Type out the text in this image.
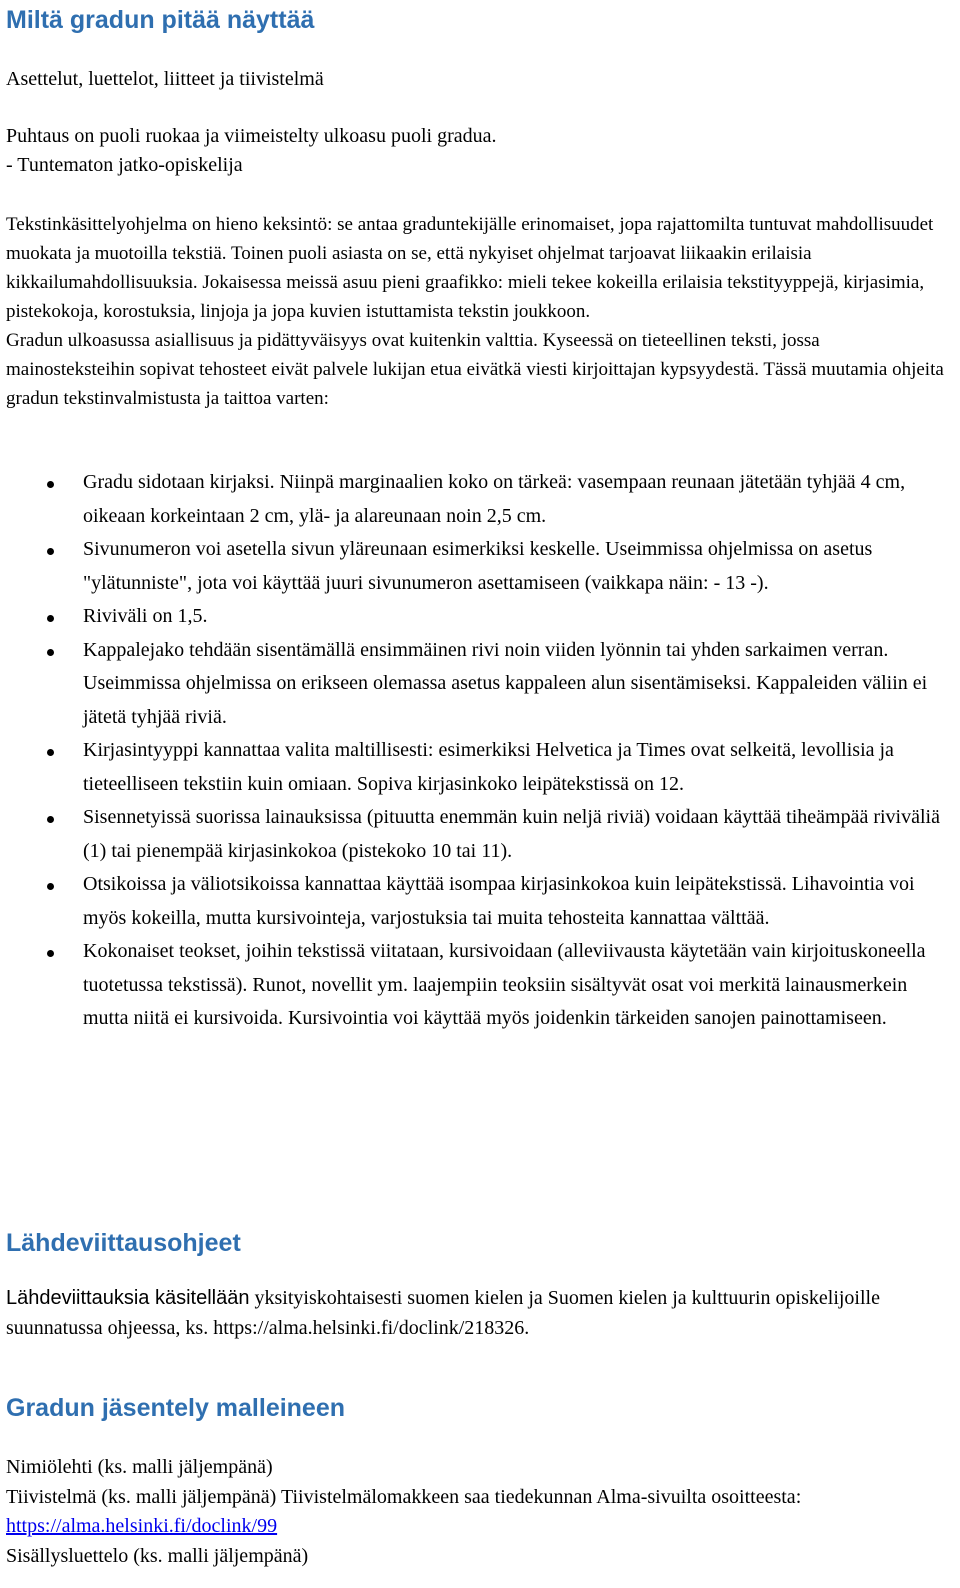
Miltä gradun pitää näyttää

Asettelut, luettelot, liitteet ja tiivistelmä

Puhtaus on puoli ruokaa ja viimeistelty ulkoasu puoli gradua.
- Tuntematon jatko-opiskelija
Tekstinkäsittelyohjelma on hieno keksintö: se antaa graduntekijälle erinomaiset, jopa rajattomilta tuntuvat mahdollisuudet muokata ja muotoilla tekstiä. Toinen puoli asiasta on se, että nykyiset ohjelmat tarjoavat liikaakin erilaisia kikkailumahdollisuuksia. Jokaisessa meissä asuu pieni graafikko: mieli tekee kokeilla erilaisia tekstityyppejä, kirjasimia, pistekokoja, korostuksia, linjoja ja jopa kuvien istuttamista tekstin joukkoon.
Gradun ulkoasussa asiallisuus ja pidättyväisyys ovat kuitenkin valttia. Kyseessä on tieteellinen teksti, jossa mainosteksteihin sopivat tehosteet eivät palvele lukijan etua eivätkä viesti kirjoittajan kypsyydestä. Tässä muutamia ohjeita gradun tekstinvalmistusta ja taittoa varten:
Gradu sidotaan kirjaksi. Niinpä marginaalien koko on tärkeä: vasempaan reunaan jätetään tyhjää 4 cm, oikeaan korkeintaan 2 cm, ylä- ja alareunaan noin 2,5 cm.
Sivunumeron voi asetella sivun yläreunaan esimerkiksi keskelle. Useimmissa ohjelmissa on asetus "ylätunniste", jota voi käyttää juuri sivunumeron asettamiseen (vaikkapa näin: - 13 -).
Riviväli on 1,5.
Kappalejako tehdään sisentämällä ensimmäinen rivi noin viiden lyönnin tai yhden sarkaimen verran. Useimmissa ohjelmissa on erikseen olemassa asetus kappaleen alun sisentämiseksi. Kappaleiden väliin ei jätetä tyhjää riviä.
Kirjasintyyppi kannattaa valita maltillisesti: esimerkiksi Helvetica ja Times ovat selkeitä, levollisia ja tieteelliseen tekstiin kuin omiaan. Sopiva kirjasinkoko leipätekstissä on 12.
Sisennetyissä suorissa lainauksissa (pituutta enemmän kuin neljä riviä) voidaan käyttää tiheämpää riviväliä (1) tai pienempää kirjasinkokoa (pistekoko 10 tai 11).
Otsikoissa ja väliotsikoissa kannattaa käyttää isompaa kirjasinkokoa kuin leipätekstissä. Lihavointia voi myös kokeilla, mutta kursivointeja, varjostuksia tai muita tehosteita kannattaa välttää.
Kokonaiset teokset, joihin tekstissä viitataan, kursivoidaan (alleviivausta käytetään vain kirjoituskoneella tuotetussa tekstissä). Runot, novellit ym. laajempiin teoksiin sisältyvät osat voi merkitä lainausmerkein mutta niitä ei kursivoida. Kursivointia voi käyttää myös joidenkin tärkeiden sanojen painottamiseen.
Lähdeviittausohjeet
Lähdeviittauksia käsitellään yksityiskohtaisesti suomen kielen ja Suomen kielen ja kulttuurin opiskelijoille suunnatussa ohjeessa, ks. https://alma.helsinki.fi/doclink/218326.
Gradun jäsentely malleineen
Nimiölehti (ks. malli jäljempänä)
Tiivistelmä (ks. malli jäljempänä) Tiivistelmälomakkeen saa tiedekunnan Alma-sivuilta osoitteesta: https://alma.helsinki.fi/doclink/99
Sisällysluettelo (ks. malli jäljempänä)
